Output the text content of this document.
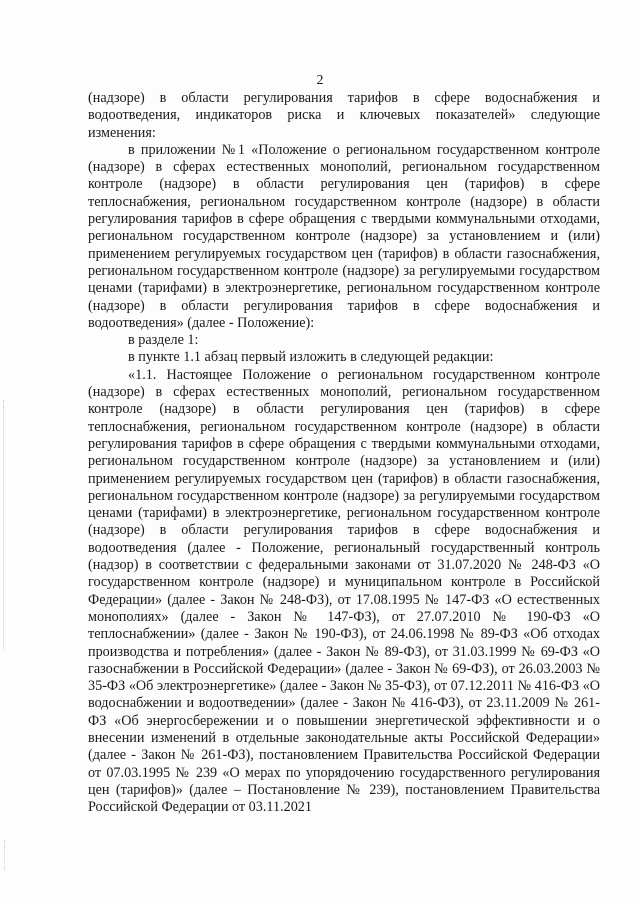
2

(надзоре) в области регулирования тарифов в сфере водоснабжения и водоотведения, индикаторов риска и ключевых показателей» следующие изменения:

в приложении №1 «Положение о региональном государственном контроле (надзоре) в сферах естественных монополий, региональном государственном контроле (надзоре) в области регулирования цен (тарифов) в сфере теплоснабжения, региональном государственном контроле (надзоре) в области регулирования тарифов в сфере обращения с твердыми коммунальными отходами, региональном государственном контроле (надзоре) за установлением и (или) применением регулируемых государством цен (тарифов) в области газоснабжения, региональном государственном контроле (надзоре) за регулируемыми государством ценами (тарифами) в электроэнергетике, региональном государственном контроле (надзоре) в области регулирования тарифов в сфере водоснабжения и водоотведения» (далее - Положение):

в разделе 1:

в пункте 1.1 абзац первый изложить в следующей редакции:

«1.1. Настоящее Положение о региональном государственном контроле (надзоре) в сферах естественных монополий, региональном государственном контроле (надзоре) в области регулирования цен (тарифов) в сфере теплоснабжения, региональном государственном контроле (надзоре) в области регулирования тарифов в сфере обращения с твердыми коммунальными отходами, региональном государственном контроле (надзоре) за установлением и (или) применением регулируемых государством цен (тарифов) в области газоснабжения, региональном государственном контроле (надзоре) за регулируемыми государством ценами (тарифами) в электроэнергетике, региональном государственном контроле (надзоре) в области регулирования тарифов в сфере водоснабжения и водоотведения (далее - Положение, региональный государственный контроль (надзор) в соответствии с федеральными законами от 31.07.2020 № 248-ФЗ «О государственном контроле (надзоре) и муниципальном контроле в Российской Федерации» (далее - Закон № 248-ФЗ), от 17.08.1995 № 147-ФЗ «О естественных монополиях» (далее - Закон № 147-ФЗ), от 27.07.2010 № 190-ФЗ «О теплоснабжении» (далее - Закон № 190-ФЗ), от 24.06.1998 № 89-ФЗ «Об отходах производства и потребления» (далее - Закон № 89-ФЗ), от 31.03.1999 № 69-ФЗ «О газоснабжении в Российской Федерации» (далее - Закон № 69-ФЗ), от 26.03.2003 № 35-ФЗ «Об электроэнергетике» (далее - Закон № 35-ФЗ), от 07.12.2011 № 416-ФЗ «О водоснабжении и водоотведении» (далее - Закон № 416-ФЗ), от 23.11.2009 № 261-ФЗ «Об энергосбережении и о повышении энергетической эффективности и о внесении изменений в отдельные законодательные акты Российской Федерации» (далее - Закон № 261-ФЗ), постановлением Правительства Российской Федерации от 07.03.1995 № 239 «О мерах по упорядочению государственного регулирования цен (тарифов)» (далее – Постановление № 239), постановлением Правительства Российской Федерации от 03.11.2021
